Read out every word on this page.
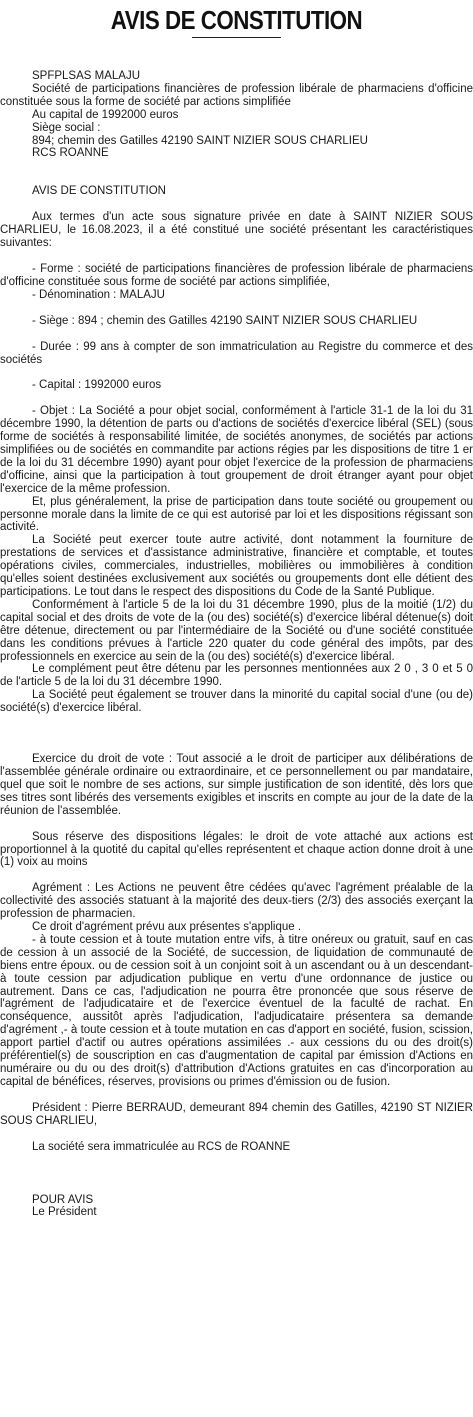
AVIS DE CONSTITUTION

SPFPLSAS MALAJU

Société de participations financières de profession libérale de pharmaciens d'officine constituée sous la forme de société par actions simplifiée

Au capital de 1992000 euros

Siège social :

894; chemin des Gatilles 42190 SAINT NIZIER SOUS CHARLIEU

RCS ROANNE

AVIS DE CONSTITUTION

Aux termes d'un acte sous signature privée en date à SAINT NIZIER SOUS CHARLIEU, le 16.08.2023, il a été constitué une société présentant les caractéristiques suivantes:

- Forme : société de participations financières de profession libérale de pharmaciens d'officine constituée sous forme de société par actions simplifiée,

- Dénomination : MALAJU

- Siège : 894 ; chemin des Gatilles 42190 SAINT NIZIER SOUS CHARLIEU

- Durée : 99 ans à compter de son immatriculation au Registre du commerce et des sociétés

- Capital : 1992000 euros

- Objet : La Société a pour objet social, conformément à l'article 31-1 de la loi du 31 décembre 1990, la détention de parts ou d'actions de sociétés d'exercice libéral (SEL) (sous forme de sociétés à responsabilité limitée, de sociétés anonymes, de sociétés par actions simplifiées ou de sociétés en commandite par actions régies par les dispositions de titre 1 er de la loi du 31 décembre 1990) ayant pour objet l'exercice de la profession de pharmaciens d'officine, ainsi que la participation à tout groupement de droit étranger ayant pour objet l'exercice de la même profession.

Et, plus généralement, la prise de participation dans toute société ou groupement ou personne morale dans la limite de ce qui est autorisé par loi et les dispositions régissant son activité.

La Société peut exercer toute autre activité, dont notamment la fourniture de prestations de services et d'assistance administrative, financière et comptable, et toutes opérations civiles, commerciales, industrielles, mobilières ou immobilières à condition qu'elles soient destinées exclusivement aux sociétés ou groupements dont elle détient des participations. Le tout dans le respect des dispositions du Code de la Santé Publique.

Conformément à l'article 5 de la loi du 31 décembre 1990, plus de la moitié (1/2) du capital social et des droits de vote de la (ou des) société(s) d'exercice libéral détenue(s) doit être détenue, directement ou par l'intermédiaire de la Société ou d'une société constituée dans les conditions prévues à l'article 220 quater du code général des impôts, par des professionnels en exercice au sein de la (ou des) société(s) d'exercice libéral.

Le complément peut être détenu par les personnes mentionnées aux 2 0 , 3 0 et 5 0 de l'article 5 de la loi du 31 décembre 1990.

La Société peut également se trouver dans la minorité du capital social d'une (ou de) société(s) d'exercice libéral.

Exercice du droit de vote : Tout associé a le droit de participer aux délibérations de l'assemblée générale ordinaire ou extraordinaire, et ce personnellement ou par mandataire, quel que soit le nombre de ses actions, sur simple justification de son identité, dès lors que ses titres sont libérés des versements exigibles et inscrits en compte au jour de la date de la réunion de l'assemblée.

Sous réserve des dispositions légales: le droit de vote attaché aux actions est proportionnel à la quotité du capital qu'elles représentent et chaque action donne droit à une (1) voix au moins

Agrément : Les Actions ne peuvent être cédées qu'avec l'agrément préalable de la collectivité des associés statuant à la majorité des deux-tiers (2/3) des associés exerçant la profession de pharmacien.

Ce droit d'agrément prévu aux présentes s'applique .

- à toute cession et à toute mutation entre vifs, à titre onéreux ou gratuit, sauf en cas de cession à un associé de la Société, de succession, de liquidation de communauté de biens entre époux. ou de cession soit à un conjoint soit à un ascendant ou à un descendant- à toute cession par adjudication publique en vertu d'une ordonnance de justice ou autrement. Dans ce cas, l'adjudication ne pourra être prononcée que sous réserve de l'agrément de l'adjudicataire et de l'exercice éventuel de la faculté de rachat. En conséquence, aussitôt après l'adjudication, l'adjudicataire présentera sa demande d'agrément ,- à toute cession et à toute mutation en cas d'apport en société, fusion, scission, apport partiel d'actif ou autres opérations assimilées .- aux cessions du ou des droit(s) préférentiel(s) de souscription en cas d'augmentation de capital par émission d'Actions en numéraire ou du ou des droit(s) d'attribution d'Actions gratuites en cas d'incorporation au capital de bénéfices, réserves, provisions ou primes d'émission ou de fusion.

Président : Pierre BERRAUD, demeurant 894 chemin des Gatilles, 42190 ST NIZIER SOUS CHARLIEU,

La société sera immatriculée au RCS de ROANNE

POUR AVIS

Le Président
